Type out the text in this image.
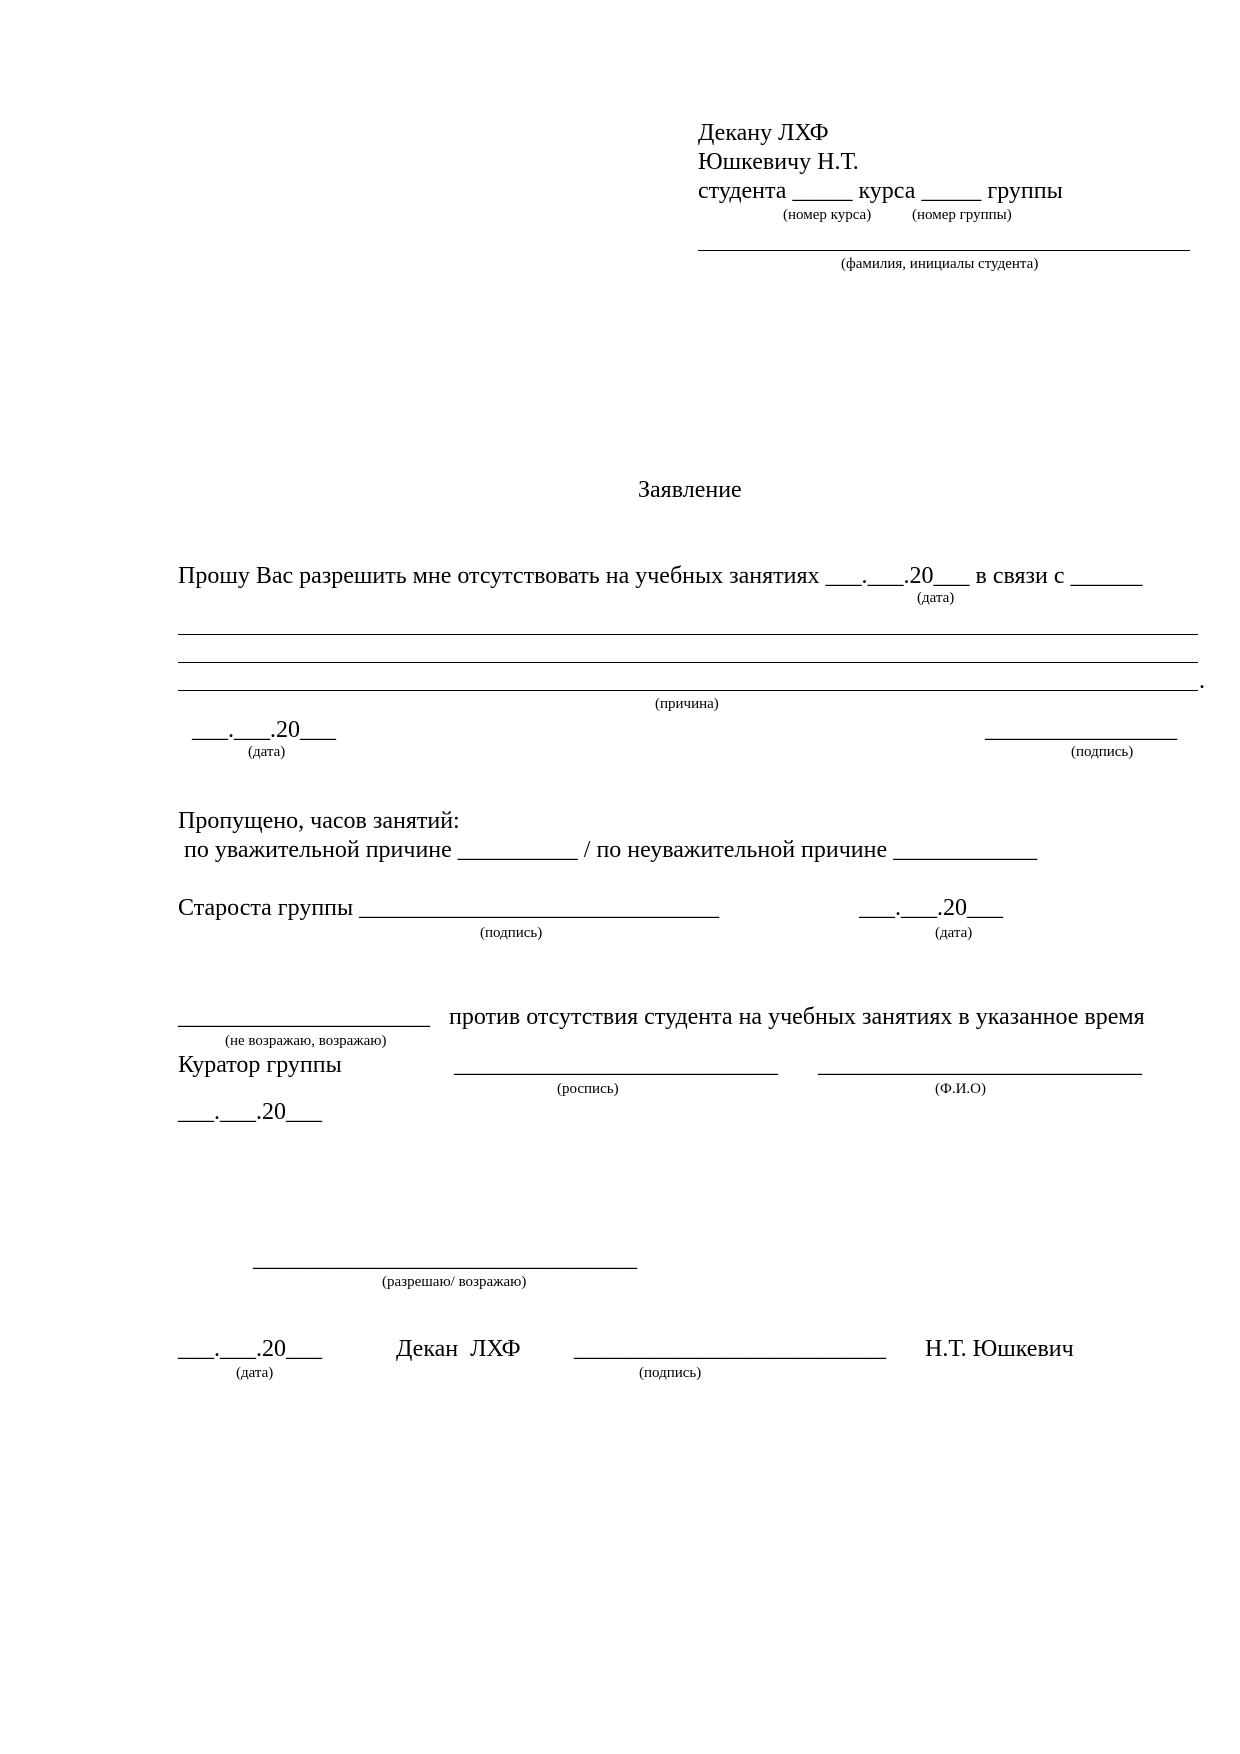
Декану ЛХФ
Юшкевичу Н.Т.
студента _____ курса _____ группы
(номер курса)	(номер группы)
(фамилия, инициалы студента)
Заявление
Прошу Вас разрешить мне отсутствовать на учебных занятиях ___.___.20___ в связи с ______
(дата)
.
(причина)
___.___.20___
(дата)
________________
(подпись)
Пропущено, часов занятий:
по уважительной причине __________ / по неуважительной причине ____________
Староста группы ______________________________
(подпись)
___.___.20___
(дата)
_____________________ против отсутствия студента на учебных занятиях в указанное время
(не возражаю, возражаю)
Куратор группы	___________________________
(роспись)
___________________________
(Ф.И.О)
___.___.20___
________________________________
(разрешаю/ возражаю)
___.___.20___
(дата)
Декан  ЛХФ __________________________
(подпись)
Н.Т. Юшкевич
